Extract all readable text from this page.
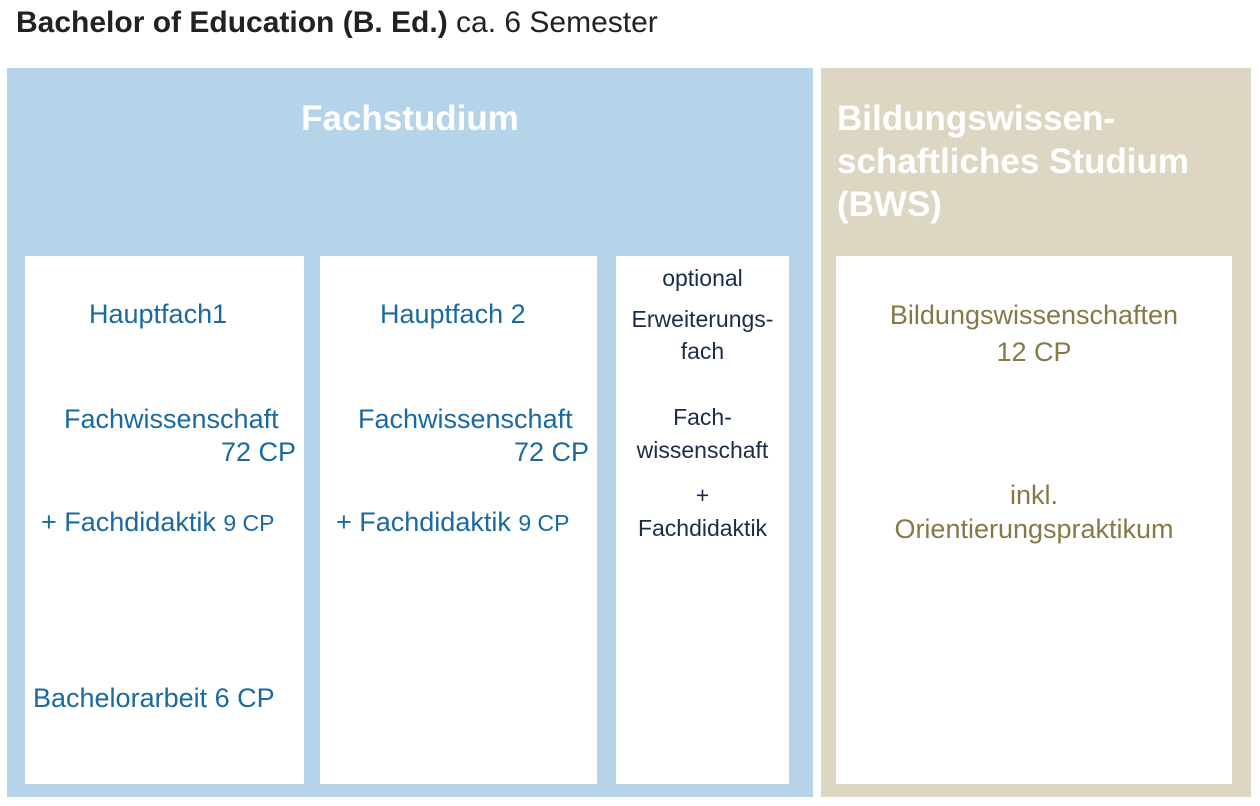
Bachelor of Education (B. Ed.) ca. 6 Semester
Fachstudium
Hauptfach1
Fachwissenschaft
72 CP
+ Fachdidaktik 9 CP
Bachelorarbeit 6 CP
Hauptfach 2
Fachwissenschaft
72 CP
+ Fachdidaktik 9 CP
optional
Erweiterungs-
fach
Fach-
wissenschaft
+
Fachdidaktik
Bildungswissen-
schaftliches Studium
(BWS)
Bildungswissenschaften
12 CP
inkl.
Orientierungspraktikum
